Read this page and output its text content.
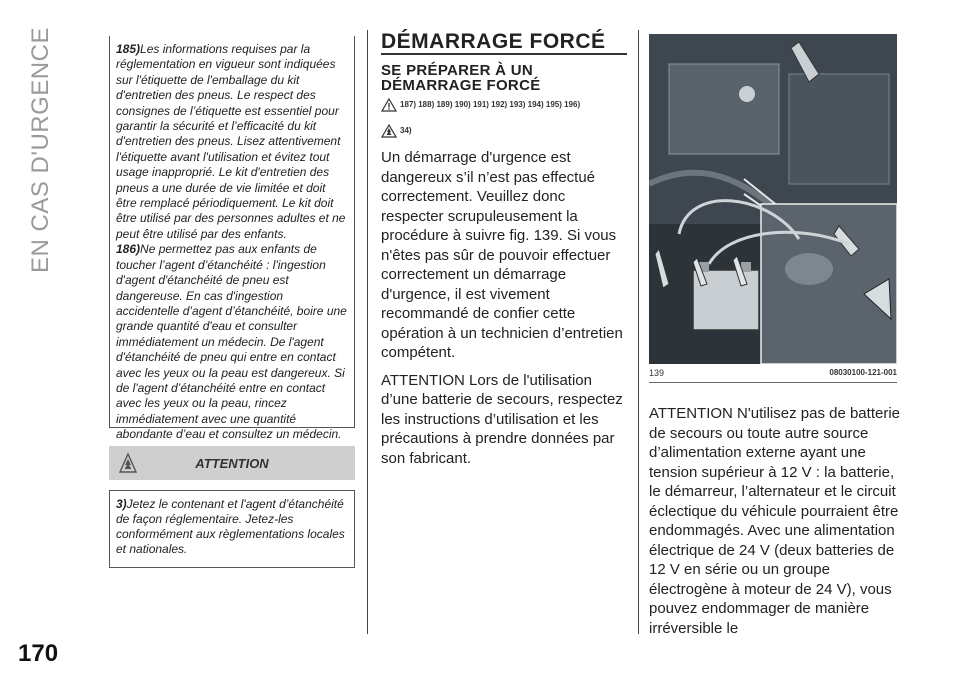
EN CAS D'URGENCE
170
185)Les informations requises par la réglementation en vigueur sont indiquées sur l'étiquette de l'emballage du kit d'entretien des pneus. Le respect des consignes de l’étiquette est essentiel pour garantir la sécurité et l’efficacité du kit d'entretien des pneus. Lisez attentivement l'étiquette avant l'utilisation et évitez tout usage inapproprié. Le kit d'entretien des pneus a une durée de vie limitée et doit être remplacé périodiquement. Le kit doit être utilisé par des personnes adultes et ne peut être utilisé par des enfants.
186)Ne permettez pas aux enfants de toucher l’agent d’étanchéité : l'ingestion d'agent d'étanchéité de pneu est dangereuse. En cas d'ingestion accidentelle d’agent d’étanchéité, boire une grande quantité d'eau et consulter immédiatement un médecin. De l'agent d'étanchéité de pneu qui entre en contact avec les yeux ou la peau est dangereux. Si de l'agent d’étanchéité entre en contact avec les yeux ou la peau, rincez immédiatement avec une quantité abondante d’eau et consultez un médecin.
ATTENTION
3)Jetez le contenant et l'agent d’étanchéité de façon réglementaire. Jetez-les conformément aux règlementations locales et nationales.
DÉMARRAGE FORCÉ
SE PRÉPARER À UN DÉMARRAGE FORCÉ
187) 188) 189) 190) 191) 192) 193) 194) 195) 196)
34)

Un démarrage d'urgence est dangereux s’il n’est pas effectué correctement. Veuillez donc respecter scrupuleusement la procédure à suivre fig. 139. Si vous n'êtes pas sûr de pouvoir effectuer correctement un démarrage d'urgence, il est vivement recommandé de confier cette opération à un technicien d’entretien compétent.

ATTENTION Lors de l'utilisation d’une batterie de secours, respectez les instructions d’utilisation et les précautions à prendre données par son fabricant.

139	08030100-121-001
ATTENTION N'utilisez pas de batterie de secours ou toute autre source d’alimentation externe ayant une tension supérieur à 12 V : la batterie, le démarreur, l’alternateur et le circuit éclectique du véhicule pourraient être endommagés. Avec une alimentation électrique de 24 V (deux batteries de 12 V en série ou un groupe électrogène à moteur de 24 V), vous pouvez endommager de manière irréversible le
